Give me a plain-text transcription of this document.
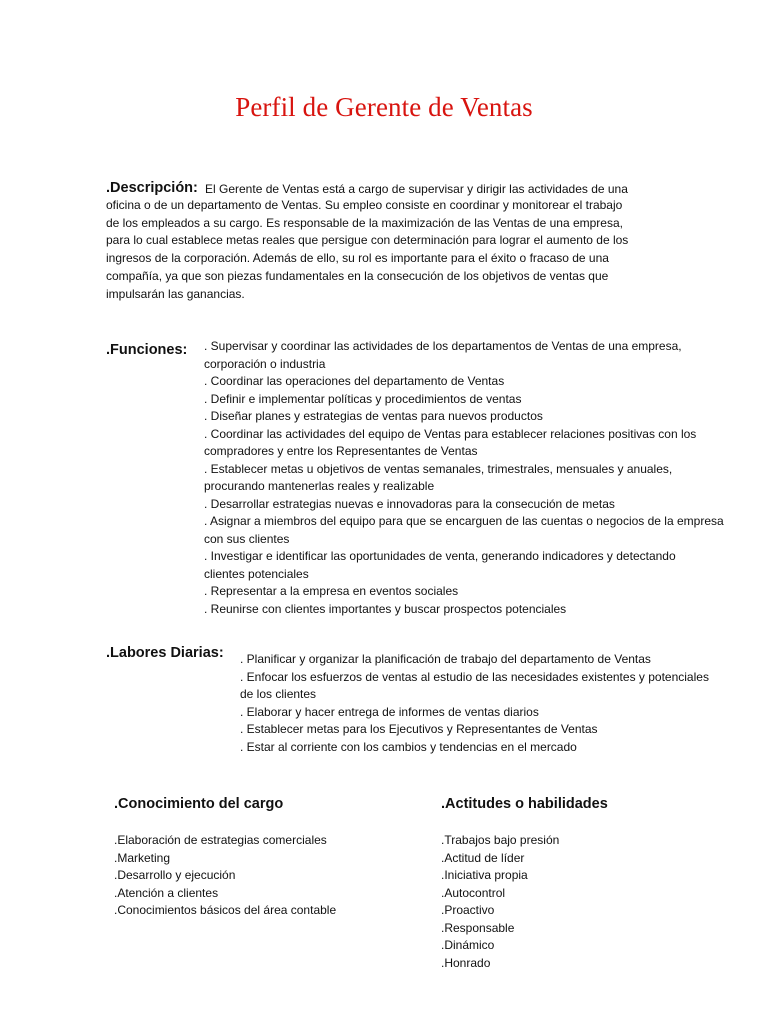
Perfil de Gerente de Ventas
.Descripción: El Gerente de Ventas está a cargo de supervisar y dirigir las actividades de una
oficina o de un departamento de Ventas. Su empleo consiste en coordinar y monitorear el trabajo
de los empleados a su cargo. Es responsable de la maximización de las Ventas de una empresa,
para lo cual establece metas reales que persigue con determinación para lograr el aumento de los
ingresos de la corporación. Además de ello, su rol es importante para el éxito o fracaso de una
compañía, ya que son piezas fundamentales en la consecución de los objetivos de ventas que
impulsarán las ganancias.
.Funciones: . Supervisar y coordinar las actividades de los departamentos de Ventas de una empresa,
corporación o industria
. Coordinar las operaciones del departamento de Ventas
. Definir e implementar políticas y procedimientos de ventas
. Diseñar planes y estrategias de ventas para nuevos productos
. Coordinar las actividades del equipo de Ventas para establecer relaciones positivas con los
compradores y entre los Representantes de Ventas
. Establecer metas u objetivos de ventas semanales, trimestrales, mensuales y anuales,
procurando mantenerlas reales y realizable
. Desarrollar estrategias nuevas e innovadoras para la consecución de metas
. Asignar a miembros del equipo para que se encarguen de las cuentas o negocios de la empresa
con sus clientes
. Investigar e identificar las oportunidades de venta, generando indicadores y detectando
clientes potenciales
. Representar a la empresa en eventos sociales
. Reunirse con clientes importantes y buscar prospectos potenciales
.Labores Diarias: . Planificar y organizar la planificación de trabajo del departamento de Ventas
. Enfocar los esfuerzos de ventas al estudio de las necesidades existentes y potenciales
de los clientes
. Elaborar y hacer entrega de informes de ventas diarios
. Establecer metas para los Ejecutivos y Representantes de Ventas
. Estar al corriente con los cambios y tendencias en el mercado
.Conocimiento del cargo
.Elaboración de estrategias comerciales
.Marketing
.Desarrollo y ejecución
.Atención a clientes
.Conocimientos básicos del área contable
.Actitudes o habilidades
.Trabajos bajo presión
.Actitud de líder
.Iniciativa propia
.Autocontrol
.Proactivo
.Responsable
.Dinámico
.Honrado
